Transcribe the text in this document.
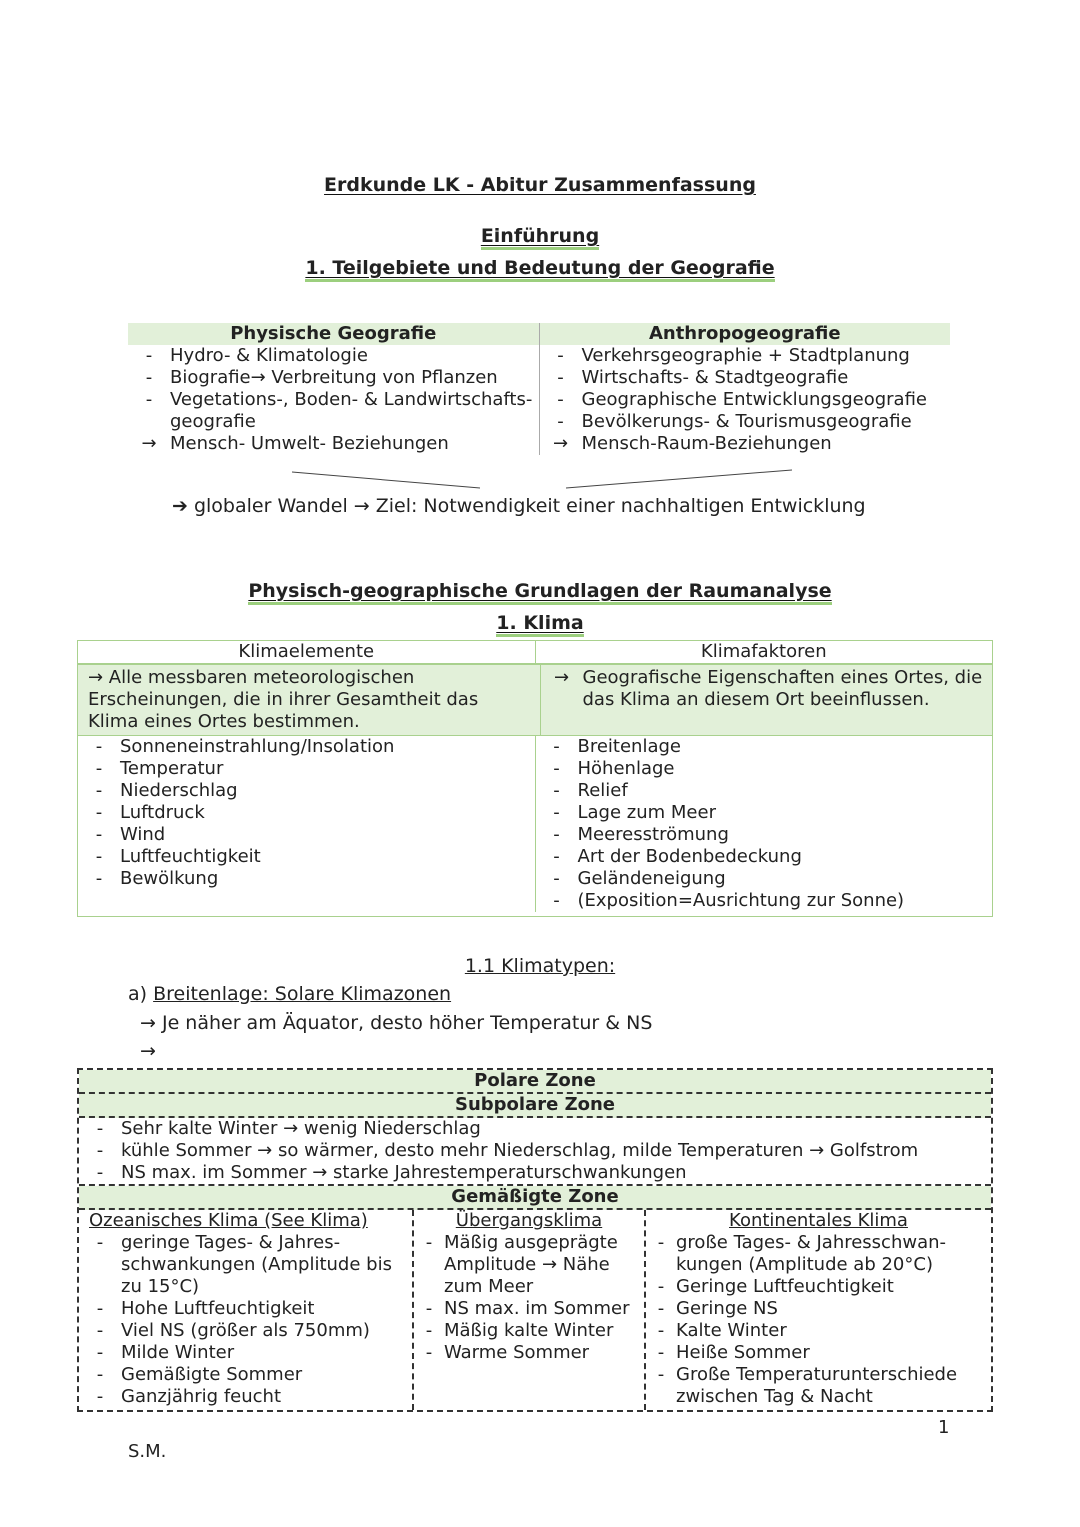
Erdkunde LK - Abitur Zusammenfassung
Einführung
1. Teilgebiete und Bedeutung der Geografie
Physische Geografie	Anthropogeografie
- Hydro- & Klimatologie
- Biografie→ Verbreitung von Pflanzen
- Vegetations-, Boden- & Landwirtschafts-
geografie
→ Mensch- Umwelt- Beziehungen
- Verkehrsgeographie + Stadtplanung
- Wirtschafts- & Stadtgeografie
- Geographische Entwicklungsgeografie
- Bevölkerungs- & Tourismusgeografie
→ Mensch-Raum-Beziehungen
➔ globaler Wandel → Ziel: Notwendigkeit einer nachhaltigen Entwicklung
Physisch-geographische Grundlagen der Raumanalyse
1. Klima
Klimaelemente	Klimafaktoren
→ Alle messbaren meteorologischen Erscheinungen, die in ihrer Gesamtheit das Klima eines Ortes bestimmen.
→ Geografische Eigenschaften eines Ortes, die das Klima an diesem Ort beeinflussen.
- Sonneneinstrahlung/Insolation
- Temperatur
- Niederschlag
- Luftdruck
- Wind
- Luftfeuchtigkeit
- Bewölkung
- Breitenlage
- Höhenlage
- Relief
- Lage zum Meer
- Meeresströmung
- Art der Bodenbedeckung
- Geländeneigung
- (Exposition=Ausrichtung zur Sonne)
1.1 Klimatypen:
a) Breitenlage: Solare Klimazonen
→ Je näher am Äquator, desto höher Temperatur & NS
→
Polare Zone
Subpolare Zone
- Sehr kalte Winter → wenig Niederschlag
- kühle Sommer → so wärmer, desto mehr Niederschlag, milde Temperaturen → Golfstrom
- NS max. im Sommer → starke Jahrestemperaturschwankungen
Gemäßigte Zone
Ozeanisches Klima (See Klima)
- geringe Tages- & Jahres-
schwankungen (Amplitude bis
zu 15°C)
- Hohe Luftfeuchtigkeit
- Viel NS (größer als 750mm)
- Milde Winter
- Gemäßigte Sommer
- Ganzjährig feucht
Übergangsklima
- Mäßig ausgeprägte
Amplitude → Nähe
zum Meer
- NS max. im Sommer
- Mäßig kalte Winter
- Warme Sommer
Kontinentales Klima
- große Tages- & Jahresschwan-
kungen (Amplitude ab 20°C)
- Geringe Luftfeuchtigkeit
- Geringe NS
- Kalte Winter
- Heiße Sommer
- Große Temperaturunterschiede
zwischen Tag & Nacht
1
S.M.
